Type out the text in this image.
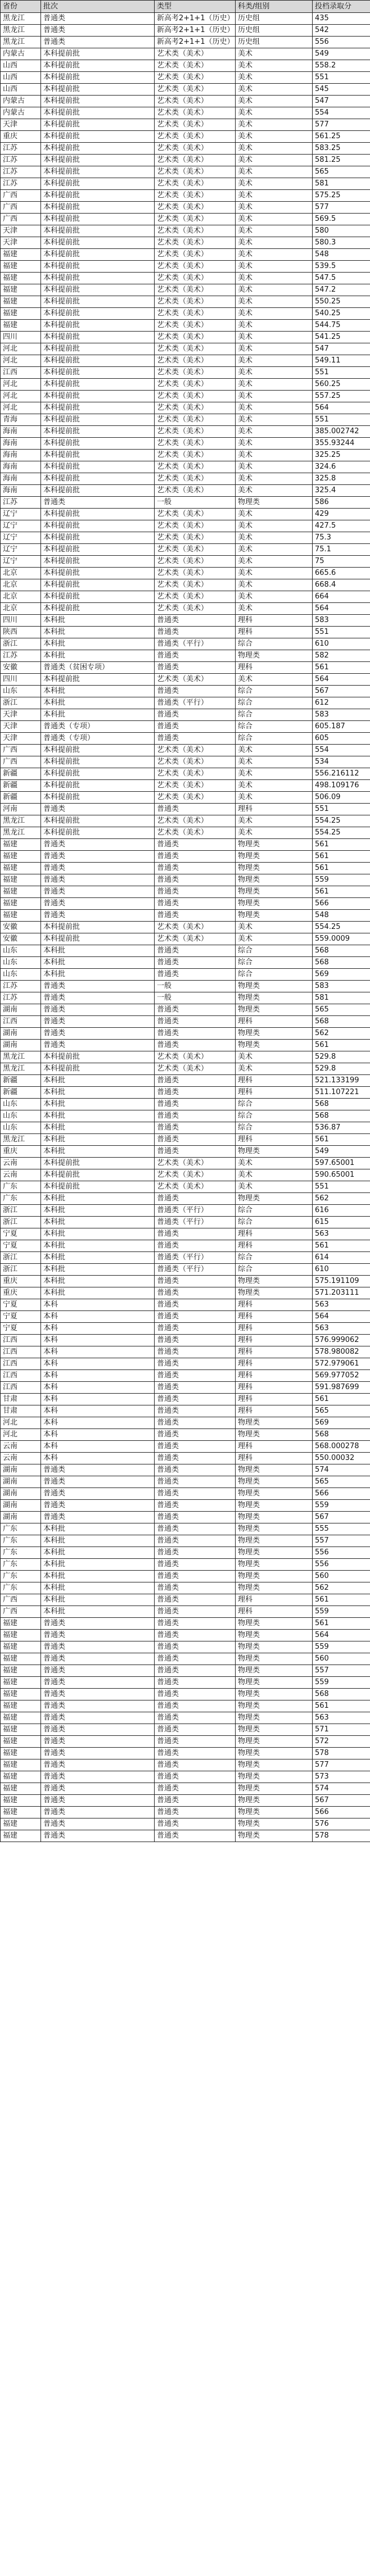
省份	批次	类型	科类/组别	投档录取分
黑龙江	普通类	新高考2+1+1（历史）	历史组	435
黑龙江	普通类	新高考2+1+1（历史）	历史组	542
黑龙江	普通类	新高考2+1+1（历史）	历史组	556
内蒙古	本科提前批	艺术类（美术）	美术	549
山西	本科提前批	艺术类（美术）	美术	558.2
山西	本科提前批	艺术类（美术）	美术	551
山西	本科提前批	艺术类（美术）	美术	545
内蒙古	本科提前批	艺术类（美术）	美术	547
内蒙古	本科提前批	艺术类（美术）	美术	554
天津	本科提前批	艺术类（美术）	美术	577
重庆	本科提前批	艺术类（美术）	美术	561.25
江苏	本科提前批	艺术类（美术）	美术	583.25
江苏	本科提前批	艺术类（美术）	美术	581.25
江苏	本科提前批	艺术类（美术）	美术	565
江苏	本科提前批	艺术类（美术）	美术	581
广西	本科提前批	艺术类（美术）	美术	575.25
广西	本科提前批	艺术类（美术）	美术	577
广西	本科提前批	艺术类（美术）	美术	569.5
天津	本科提前批	艺术类（美术）	美术	580
天津	本科提前批	艺术类（美术）	美术	580.3
福建	本科提前批	艺术类（美术）	美术	548
福建	本科提前批	艺术类（美术）	美术	539.5
福建	本科提前批	艺术类（美术）	美术	547.5
福建	本科提前批	艺术类（美术）	美术	547.2
福建	本科提前批	艺术类（美术）	美术	550.25
福建	本科提前批	艺术类（美术）	美术	540.25
福建	本科提前批	艺术类（美术）	美术	544.75
四川	本科提前批	艺术类（美术）	美术	541.25
河北	本科提前批	艺术类（美术）	美术	547
河北	本科提前批	艺术类（美术）	美术	549.11
江西	本科提前批	艺术类（美术）	美术	551
河北	本科提前批	艺术类（美术）	美术	560.25
河北	本科提前批	艺术类（美术）	美术	557.25
河北	本科提前批	艺术类（美术）	美术	564
青海	本科提前批	艺术类（美术）	美术	551
海南	本科提前批	艺术类（美术）	美术	385.002742
海南	本科提前批	艺术类（美术）	美术	355.93244
海南	本科提前批	艺术类（美术）	美术	325.25
海南	本科提前批	艺术类（美术）	美术	324.6
海南	本科提前批	艺术类（美术）	美术	325.8
海南	本科提前批	艺术类（美术）	美术	325.4
江苏	普通类	一般	物理类	586
辽宁	本科提前批	艺术类（美术）	美术	429
辽宁	本科提前批	艺术类（美术）	美术	427.5
辽宁	本科提前批	艺术类（美术）	美术	75.3
辽宁	本科提前批	艺术类（美术）	美术	75.1
辽宁	本科提前批	艺术类（美术）	美术	75
北京	本科提前批	艺术类（美术）	美术	665.6
北京	本科提前批	艺术类（美术）	美术	668.4
北京	本科提前批	艺术类（美术）	美术	664
北京	本科提前批	艺术类（美术）	美术	564
四川	本科批	普通类	理科	583
陕西	本科批	普通类	理科	551
浙江	本科批	普通类（平行）	综合	610
江苏	本科批	普通类	物理类	582
安徽	普通类（贫困专项）	普通类	理科	561
四川	本科提前批	艺术类（美术）	美术	564
山东	本科批	普通类	综合	567
浙江	本科批	普通类（平行）	综合	612
天津	本科批	普通类	综合	583
天津	普通类（专项）	普通类	综合	605.187
天津	普通类（专项）	普通类	综合	605
广西	本科提前批	艺术类（美术）	美术	554
广西	本科提前批	艺术类（美术）	美术	534
新疆	本科提前批	艺术类（美术）	美术	556.216112
新疆	本科提前批	艺术类（美术）	美术	498.109176
新疆	本科提前批	艺术类（美术）	美术	506.09
河南	普通类	普通类	理科	551
黑龙江	本科提前批	艺术类（美术）	美术	554.25
黑龙江	本科提前批	艺术类（美术）	美术	554.25
福建	普通类	普通类	物理类	561
福建	普通类	普通类	物理类	561
福建	普通类	普通类	物理类	561
福建	普通类	普通类	物理类	559
福建	普通类	普通类	物理类	561
福建	普通类	普通类	物理类	566
福建	普通类	普通类	物理类	548
安徽	本科提前批	艺术类（美术）	美术	554.25
安徽	本科提前批	艺术类（美术）	美术	559.0009
山东	本科批	普通类	综合	568
山东	本科批	普通类	综合	568
山东	本科批	普通类	综合	569
江苏	普通类	一般	物理类	583
江苏	普通类	一般	物理类	581
湖南	普通类	普通类	物理类	565
江西	普通类	普通类	理科	568
湖南	普通类	普通类	物理类	562
湖南	普通类	普通类	物理类	561
黑龙江	本科提前批	艺术类（美术）	美术	529.8
黑龙江	本科提前批	艺术类（美术）	美术	529.8
新疆	本科批	普通类	理科	521.133199
新疆	本科批	普通类	理科	511.107221
山东	本科批	普通类	综合	568
山东	本科批	普通类	综合	568
山东	本科批	普通类	综合	536.87
黑龙江	本科批	普通类	理科	561
重庆	本科批	普通类	物理类	549
云南	本科提前批	艺术类（美术）	美术	597.65001
云南	本科提前批	艺术类（美术）	美术	590.65001
广东	本科提前批	艺术类（美术）	美术	551
广东	本科批	普通类	物理类	562
浙江	本科批	普通类（平行）	综合	616
浙江	本科批	普通类（平行）	综合	615
宁夏	本科批	普通类	理科	563
宁夏	本科批	普通类	理科	561
浙江	本科批	普通类（平行）	综合	614
浙江	本科批	普通类（平行）	综合	610
重庆	本科批	普通类	物理类	575.191109
重庆	本科批	普通类	物理类	571.203111
宁夏	本科	普通类	理科	563
宁夏	本科	普通类	理科	564
宁夏	本科	普通类	理科	563
江西	本科	普通类	理科	576.999062
江西	本科	普通类	理科	578.980082
江西	本科	普通类	理科	572.979061
江西	本科	普通类	理科	569.977052
江西	本科	普通类	理科	591.987699
甘肃	本科	普通类	理科	561
甘肃	本科	普通类	理科	565
河北	本科	普通类	物理类	569
河北	本科	普通类	物理类	568
云南	本科	普通类	理科	568.000278
云南	本科	普通类	理科	550.00032
湖南	普通类	普通类	物理类	574
湖南	普通类	普通类	物理类	565
湖南	普通类	普通类	物理类	566
湖南	普通类	普通类	物理类	559
湖南	普通类	普通类	物理类	567
广东	本科批	普通类	物理类	555
广东	本科批	普通类	物理类	557
广东	本科批	普通类	物理类	556
广东	本科批	普通类	物理类	556
广东	本科批	普通类	物理类	560
广东	本科批	普通类	物理类	562
广西	本科批	普通类	理科	561
广西	本科批	普通类	理科	559
福建	普通类	普通类	物理类	561
福建	普通类	普通类	物理类	564
福建	普通类	普通类	物理类	559
福建	普通类	普通类	物理类	560
福建	普通类	普通类	物理类	557
福建	普通类	普通类	物理类	559
福建	普通类	普通类	物理类	568
福建	普通类	普通类	物理类	561
福建	普通类	普通类	物理类	563
福建	普通类	普通类	物理类	571
福建	普通类	普通类	物理类	572
福建	普通类	普通类	物理类	578
福建	普通类	普通类	物理类	577
福建	普通类	普通类	物理类	573
福建	普通类	普通类	物理类	574
福建	普通类	普通类	物理类	567
福建	普通类	普通类	物理类	566
福建	普通类	普通类	物理类	576
福建	普通类	普通类	物理类	578
